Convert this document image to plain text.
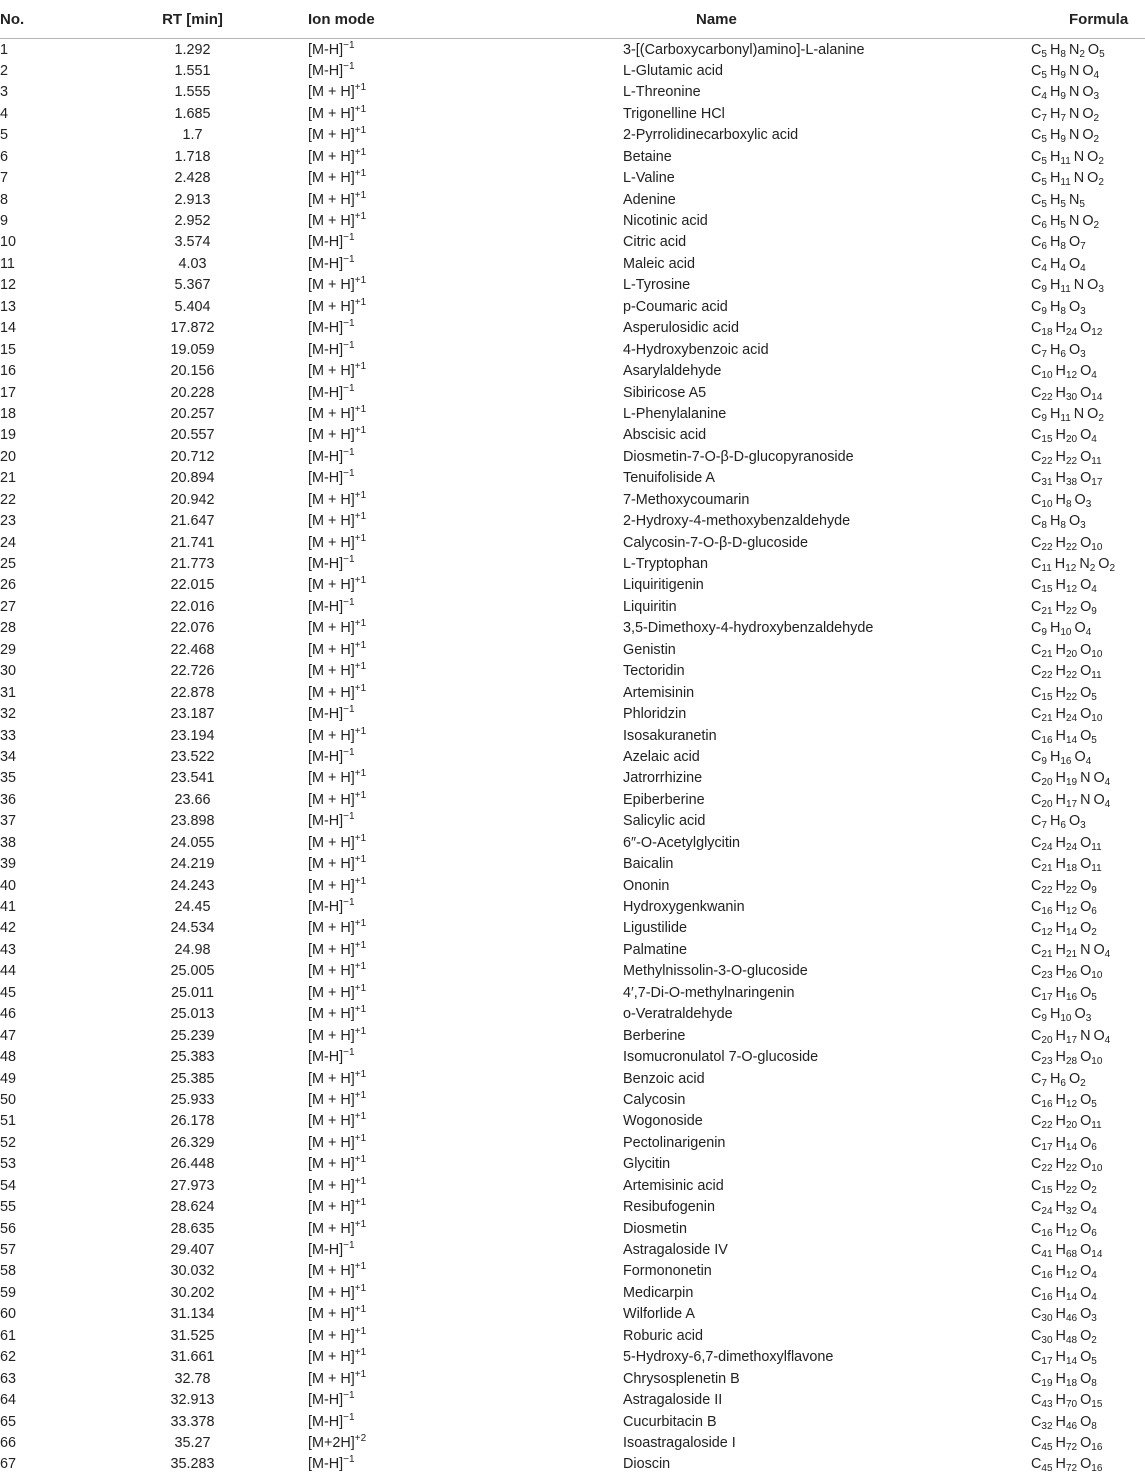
No.	RT [min]	Ion mode	Name	Formula
1	1.292	$[M-H]^{-1}$	3-[(Carboxycarbonyl)amino]-L-alanine	$C_5$ $H_8$ $N_2$ $O_5$
2	1.551	$[M-H]^{-1}$	L-Glutamic acid	$C_5$ $H_9$ N $O_4$
3	1.555	$[M + H]^{+1}$	L-Threonine	$C_4$ $H_9$ N $O_3$
4	1.685	$[M + H]^{+1}$	Trigonelline HCl	$C_7$ $H_7$ N $O_2$
5	1.7	$[M + H]^{+1}$	2-Pyrrolidinecarboxylic acid	$C_5$ $H_9$ N $O_2$
6	1.718	$[M + H]^{+1}$	Betaine	$C_5$ $H_{11}$ N $O_2$
7	2.428	$[M + H]^{+1}$	L-Valine	$C_5$ $H_{11}$ N $O_2$
8	2.913	$[M + H]^{+1}$	Adenine	$C_5$ $H_5$ $N_5$
9	2.952	$[M + H]^{+1}$	Nicotinic acid	$C_6$ $H_5$ N $O_2$
10	3.574	$[M-H]^{-1}$	Citric acid	$C_6$ $H_8$ $O_7$
11	4.03	$[M-H]^{-1}$	Maleic acid	$C_4$ $H_4$ $O_4$
12	5.367	$[M + H]^{+1}$	L-Tyrosine	$C_9$ $H_{11}$ N $O_3$
13	5.404	$[M + H]^{+1}$	p-Coumaric acid	$C_9$ $H_8$ $O_3$
14	17.872	$[M-H]^{-1}$	Asperulosidic acid	$C_{18}$ $H_{24}$ $O_{12}$
15	19.059	$[M-H]^{-1}$	4-Hydroxybenzoic acid	$C_7$ $H_6$ $O_3$
16	20.156	$[M + H]^{+1}$	Asarylaldehyde	$C_{10}$ $H_{12}$ $O_4$
17	20.228	$[M-H]^{-1}$	Sibiricose A5	$C_{22}$ $H_{30}$ $O_{14}$
18	20.257	$[M + H]^{+1}$	L-Phenylalanine	$C_9$ $H_{11}$ N $O_2$
19	20.557	$[M + H]^{+1}$	Abscisic acid	$C_{15}$ $H_{20}$ $O_4$
20	20.712	$[M-H]^{-1}$	Diosmetin-7-O-β-D-glucopyranoside	$C_{22}$ $H_{22}$ $O_{11}$
21	20.894	$[M-H]^{-1}$	Tenuifoliside A	$C_{31}$ $H_{38}$ $O_{17}$
22	20.942	$[M + H]^{+1}$	7-Methoxycoumarin	$C_{10}$ $H_8$ $O_3$
23	21.647	$[M + H]^{+1}$	2-Hydroxy-4-methoxybenzaldehyde	$C_8$ $H_8$ $O_3$
24	21.741	$[M + H]^{+1}$	Calycosin-7-O-β-D-glucoside	$C_{22}$ $H_{22}$ $O_{10}$
25	21.773	$[M-H]^{-1}$	L-Tryptophan	$C_{11}$ $H_{12}$ $N_2$ $O_2$
26	22.015	$[M + H]^{+1}$	Liquiritigenin	$C_{15}$ $H_{12}$ $O_4$
27	22.016	$[M-H]^{-1}$	Liquiritin	$C_{21}$ $H_{22}$ $O_9$
28	22.076	$[M + H]^{+1}$	3,5-Dimethoxy-4-hydroxybenzaldehyde	$C_9$ $H_{10}$ $O_4$
29	22.468	$[M + H]^{+1}$	Genistin	$C_{21}$ $H_{20}$ $O_{10}$
30	22.726	$[M + H]^{+1}$	Tectoridin	$C_{22}$ $H_{22}$ $O_{11}$
31	22.878	$[M + H]^{+1}$	Artemisinin	$C_{15}$ $H_{22}$ $O_5$
32	23.187	$[M-H]^{-1}$	Phloridzin	$C_{21}$ $H_{24}$ $O_{10}$
33	23.194	$[M + H]^{+1}$	Isosakuranetin	$C_{16}$ $H_{14}$ $O_5$
34	23.522	$[M-H]^{-1}$	Azelaic acid	$C_9$ $H_{16}$ $O_4$
35	23.541	$[M + H]^{+1}$	Jatrorrhizine	$C_{20}$ $H_{19}$ N $O_4$
36	23.66	$[M + H]^{+1}$	Epiberberine	$C_{20}$ $H_{17}$ N $O_4$
37	23.898	$[M-H]^{-1}$	Salicylic acid	$C_7$ $H_6$ $O_3$
38	24.055	$[M + H]^{+1}$	6″-O-Acetylglycitin	$C_{24}$ $H_{24}$ $O_{11}$
39	24.219	$[M + H]^{+1}$	Baicalin	$C_{21}$ $H_{18}$ $O_{11}$
40	24.243	$[M + H]^{+1}$	Ononin	$C_{22}$ $H_{22}$ $O_9$
41	24.45	$[M-H]^{-1}$	Hydroxygenkwanin	$C_{16}$ $H_{12}$ $O_6$
42	24.534	$[M + H]^{+1}$	Ligustilide	$C_{12}$ $H_{14}$ $O_2$
43	24.98	$[M + H]^{+1}$	Palmatine	$C_{21}$ $H_{21}$ N $O_4$
44	25.005	$[M + H]^{+1}$	Methylnissolin-3-O-glucoside	$C_{23}$ $H_{26}$ $O_{10}$
45	25.011	$[M + H]^{+1}$	4′,7-Di-O-methylnaringenin	$C_{17}$ $H_{16}$ $O_5$
46	25.013	$[M + H]^{+1}$	o-Veratraldehyde	$C_9$ $H_{10}$ $O_3$
47	25.239	$[M + H]^{+1}$	Berberine	$C_{20}$ $H_{17}$ N $O_4$
48	25.383	$[M-H]^{-1}$	Isomucronulatol 7-O-glucoside	$C_{23}$ $H_{28}$ $O_{10}$
49	25.385	$[M + H]^{+1}$	Benzoic acid	$C_7$ $H_6$ $O_2$
50	25.933	$[M + H]^{+1}$	Calycosin	$C_{16}$ $H_{12}$ $O_5$
51	26.178	$[M + H]^{+1}$	Wogonoside	$C_{22}$ $H_{20}$ $O_{11}$
52	26.329	$[M + H]^{+1}$	Pectolinarigenin	$C_{17}$ $H_{14}$ $O_6$
53	26.448	$[M + H]^{+1}$	Glycitin	$C_{22}$ $H_{22}$ $O_{10}$
54	27.973	$[M + H]^{+1}$	Artemisinic acid	$C_{15}$ $H_{22}$ $O_2$
55	28.624	$[M + H]^{+1}$	Resibufogenin	$C_{24}$ $H_{32}$ $O_4$
56	28.635	$[M + H]^{+1}$	Diosmetin	$C_{16}$ $H_{12}$ $O_6$
57	29.407	$[M-H]^{-1}$	Astragaloside IV	$C_{41}$ $H_{68}$ $O_{14}$
58	30.032	$[M + H]^{+1}$	Formononetin	$C_{16}$ $H_{12}$ $O_4$
59	30.202	$[M + H]^{+1}$	Medicarpin	$C_{16}$ $H_{14}$ $O_4$
60	31.134	$[M + H]^{+1}$	Wilforlide A	$C_{30}$ $H_{46}$ $O_3$
61	31.525	$[M + H]^{+1}$	Roburic acid	$C_{30}$ $H_{48}$ $O_2$
62	31.661	$[M + H]^{+1}$	5-Hydroxy-6,7-dimethoxylflavone	$C_{17}$ $H_{14}$ $O_5$
63	32.78	$[M + H]^{+1}$	Chrysosplenetin B	$C_{19}$ $H_{18}$ $O_8$
64	32.913	$[M-H]^{-1}$	Astragaloside II	$C_{43}$ $H_{70}$ $O_{15}$
65	33.378	$[M-H]^{-1}$	Cucurbitacin B	$C_{32}$ $H_{46}$ $O_8$
66	35.27	$[M+2H]^{+2}$	Isoastragaloside I	$C_{45}$ $H_{72}$ $O_{16}$
67	35.283	$[M-H]^{-1}$	Dioscin	$C_{45}$ $H_{72}$ $O_{16}$
